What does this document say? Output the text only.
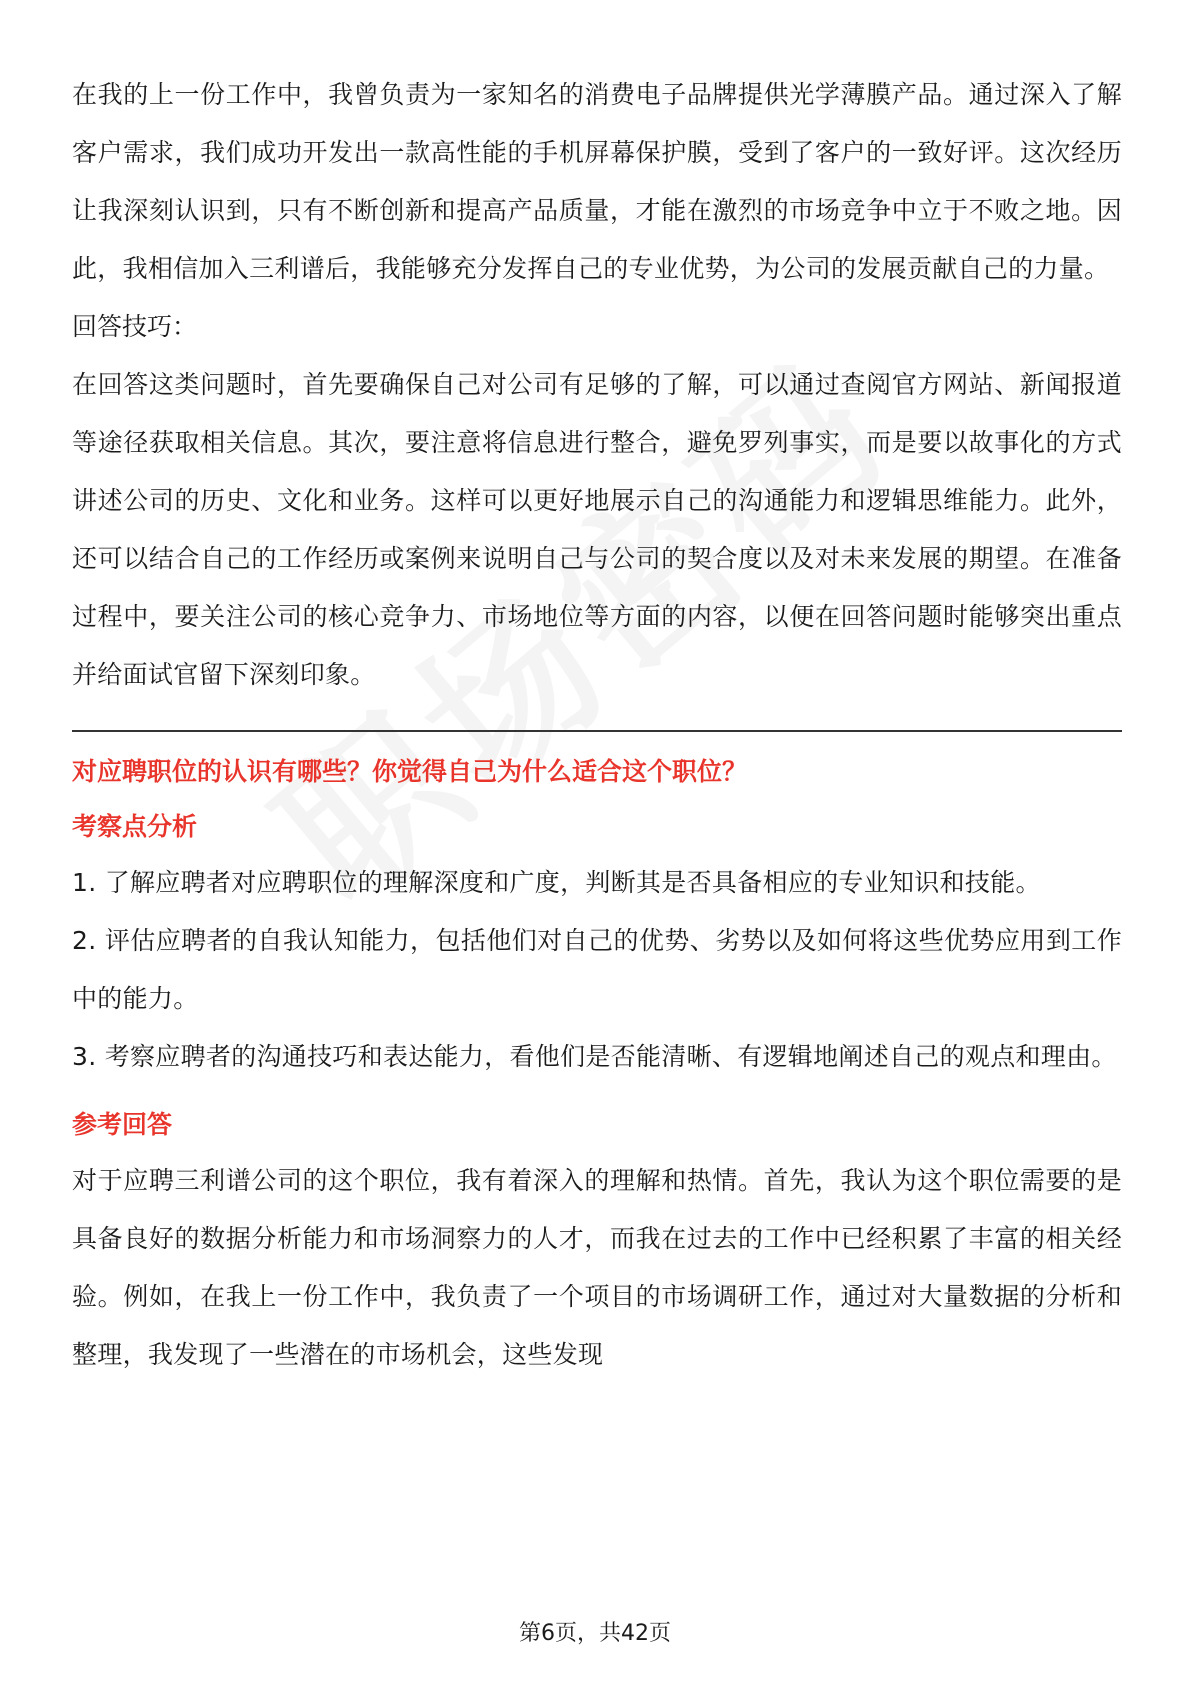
在我的上一份工作中，我曾负责为一家知名的消费电子品牌提供光学薄膜产品。通过深入了解客户需求，我们成功开发出一款高性能的手机屏幕保护膜，受到了客户的一致好评。这次经历让我深刻认识到，只有不断创新和提高产品质量，才能在激烈的市场竞争中立于不败之地。因此，我相信加入三利谱后，我能够充分发挥自己的专业优势，为公司的发展贡献自己的力量。

回答技巧：

在回答这类问题时，首先要确保自己对公司有足够的了解，可以通过查阅官方网站、新闻报道等途径获取相关信息。其次，要注意将信息进行整合，避免罗列事实，而是要以故事化的方式讲述公司的历史、文化和业务。这样可以更好地展示自己的沟通能力和逻辑思维能力。此外，还可以结合自己的工作经历或案例来说明自己与公司的契合度以及对未来发展的期望。在准备过程中，要关注公司的核心竞争力、市场地位等方面的内容，以便在回答问题时能够突出重点并给面试官留下深刻印象。

对应聘职位的认识有哪些？你觉得自己为什么适合这个职位？

考察点分析

1. 了解应聘者对应聘职位的理解深度和广度，判断其是否具备相应的专业知识和技能。

2. 评估应聘者的自我认知能力，包括他们对自己的优势、劣势以及如何将这些优势应用到工作中的能力。

3. 考察应聘者的沟通技巧和表达能力，看他们是否能清晰、有逻辑地阐述自己的观点和理由。

参考回答

对于应聘三利谱公司的这个职位，我有着深入的理解和热情。首先，我认为这个职位需要的是具备良好的数据分析能力和市场洞察力的人才，而我在过去的工作中已经积累了丰富的相关经验。例如，在我上一份工作中，我负责了一个项目的市场调研工作，通过对大量数据的分析和整理，我发现了一些潜在的市场机会，这些发现

第6页，共42页
